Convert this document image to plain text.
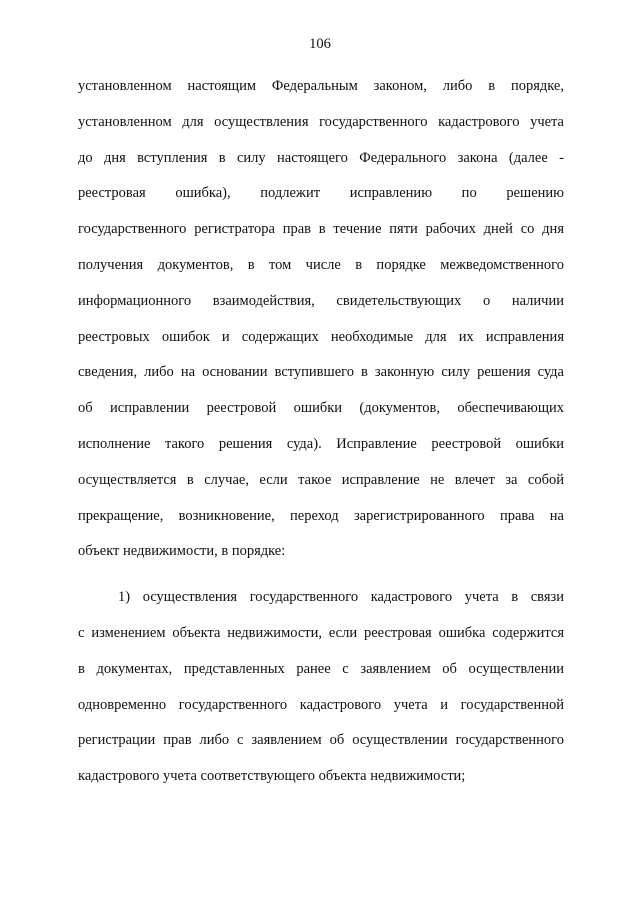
106
установленном настоящим Федеральным законом, либо в порядке,
установленном для осуществления государственного кадастрового учета
до дня вступления в силу настоящего Федерального закона (далее -
реестровая ошибка), подлежит исправлению по решению
государственного регистратора прав в течение пяти рабочих дней со дня
получения документов, в том числе в порядке межведомственного
информационного взаимодействия, свидетельствующих о наличии
реестровых ошибок и содержащих необходимые для их исправления
сведения, либо на основании вступившего в законную силу решения суда
об исправлении реестровой ошибки (документов, обеспечивающих
исполнение такого решения суда). Исправление реестровой ошибки
осуществляется в случае, если такое исправление не влечет за собой
прекращение, возникновение, переход зарегистрированного права на
объект недвижимости, в порядке:
1) осуществления государственного кадастрового учета в связи
с изменением объекта недвижимости, если реестровая ошибка содержится
в документах, представленных ранее с заявлением об осуществлении
одновременно государственного кадастрового учета и государственной
регистрации прав либо с заявлением об осуществлении государственного
кадастрового учета соответствующего объекта недвижимости;
